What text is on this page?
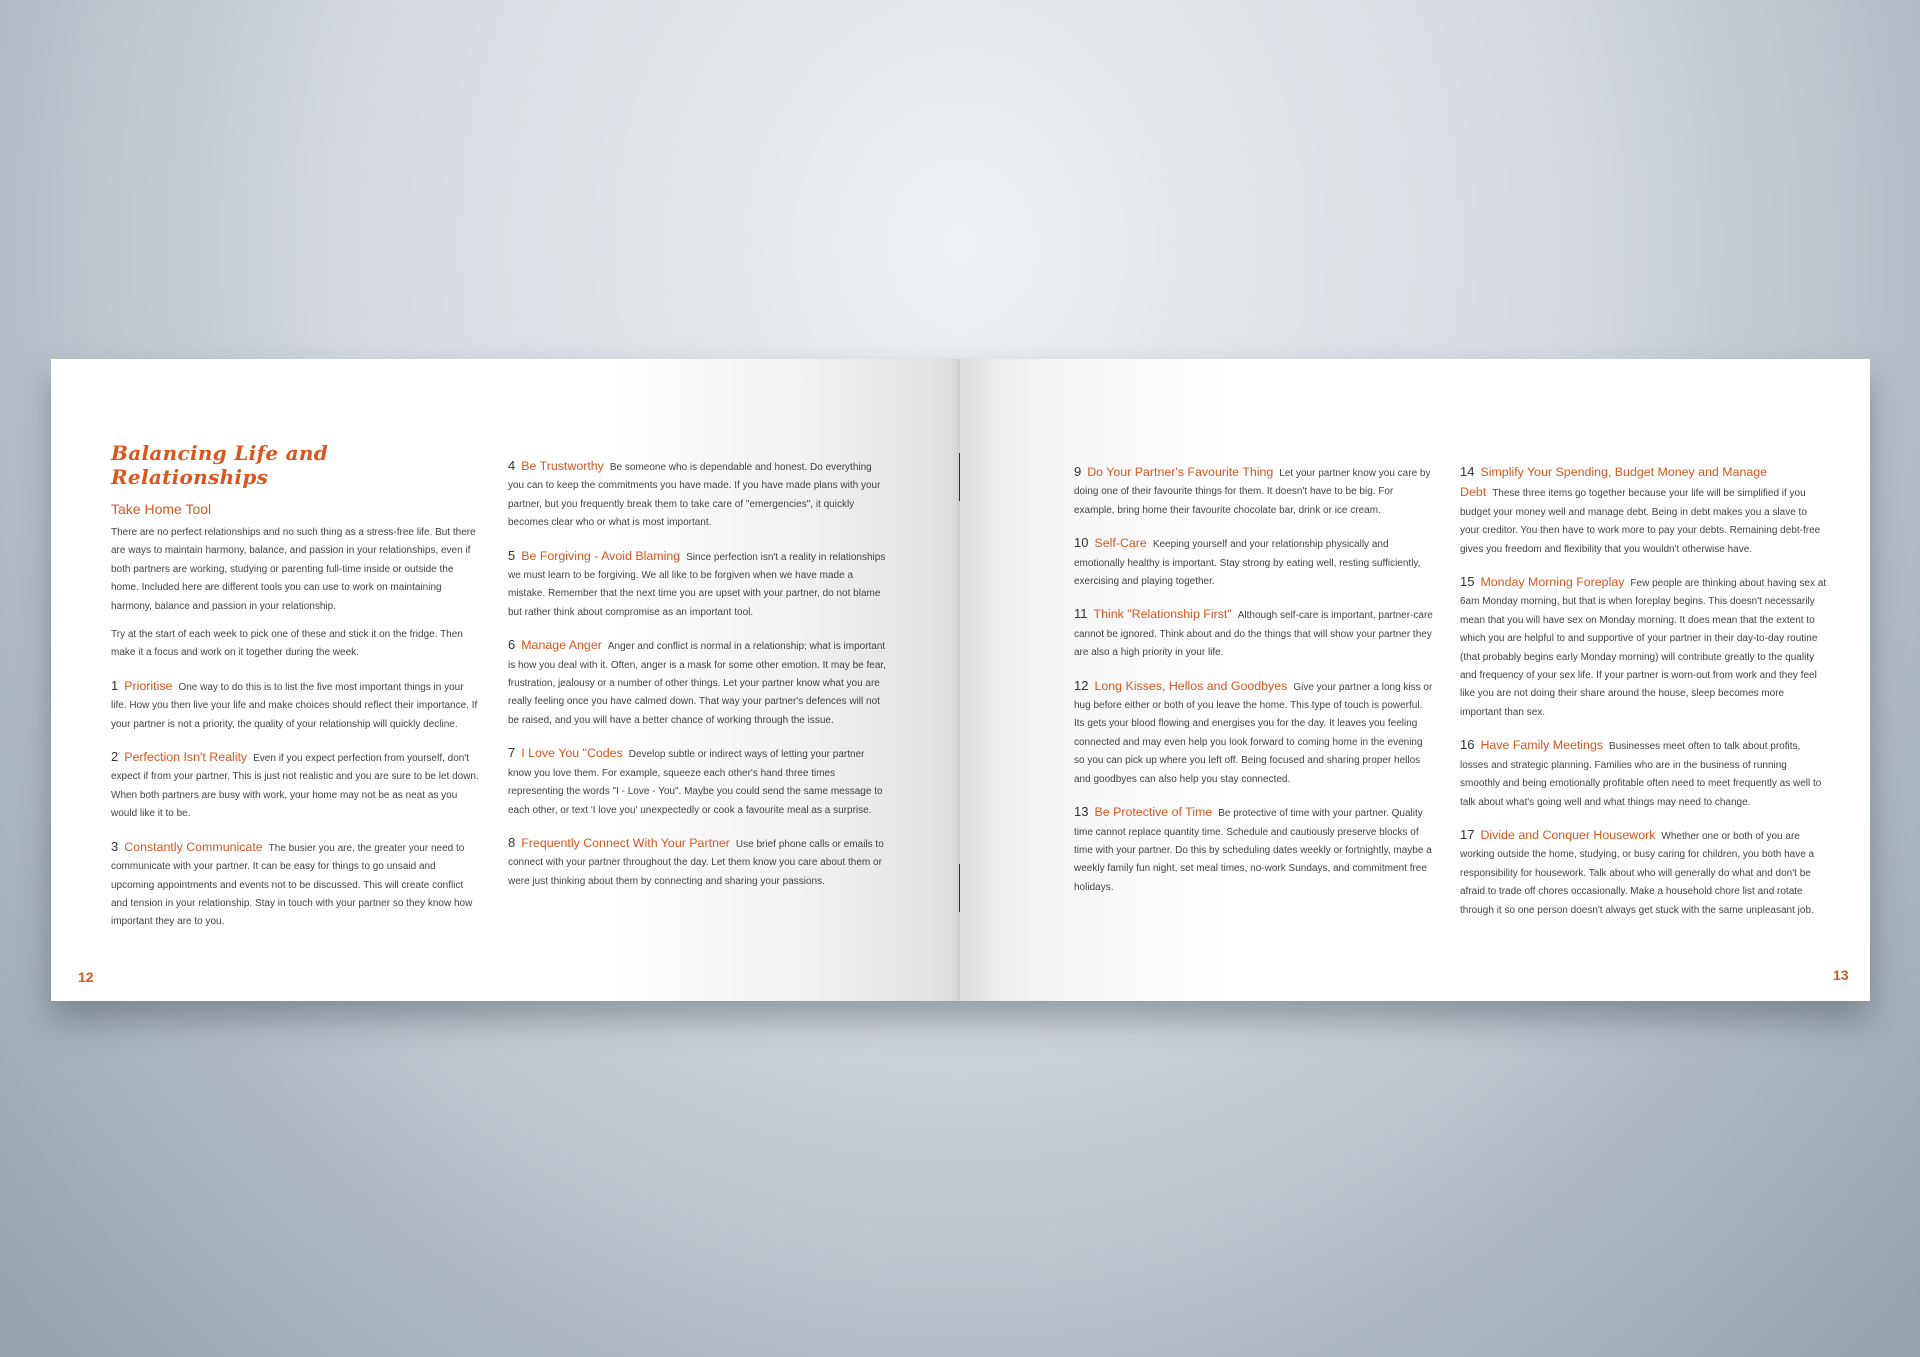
Balancing Life and Relationships
Take Home Tool

There are no perfect relationships and no such thing as a stress-free life. But there are ways to maintain harmony, balance, and passion in your relationships, even if both partners are working, studying or parenting full-time inside or outside the home. Included here are different tools you can use to work on maintaining harmony, balance and passion in your relationship.

Try at the start of each week to pick one of these and stick it on the fridge. Then make it a focus and work on it together during the week.

1 Prioritise One way to do this is to list the five most important things in your life. How you then live your life and make choices should reflect their importance. If your partner is not a priority, the quality of your relationship will quickly decline.
2 Perfection Isn't Reality Even if you expect perfection from yourself, don't expect if from your partner. This is just not realistic and you are sure to be let down. When both partners are busy with work, your home may not be as neat as you would like it to be.
3 Constantly Communicate The busier you are, the greater your need to communicate with your partner. It can be easy for things to go unsaid and upcoming appointments and events not to be discussed. This will create conflict and tension in your relationship. Stay in touch with your partner so they know how important they are to you.
4 Be Trustworthy Be someone who is dependable and honest. Do everything you can to keep the commitments you have made. If you have made plans with your partner, but you frequently break them to take care of "emergencies", it quickly becomes clear who or what is most important.
5 Be Forgiving - Avoid Blaming Since perfection isn't a reality in relationships we must learn to be forgiving. We all like to be forgiven when we have made a mistake. Remember that the next time you are upset with your partner, do not blame but rather think about compromise as an important tool.
6 Manage Anger Anger and conflict is normal in a relationship; what is important is how you deal with it. Often, anger is a mask for some other emotion. It may be fear, frustration, jealousy or a number of other things. Let your partner know what you are really feeling once you have calmed down. That way your partner's defences will not be raised, and you will have a better chance of working through the issue.
7 I Love You "Codes Develop subtle or indirect ways of letting your partner know you love them. For example, squeeze each other's hand three times representing the words "I - Love - You". Maybe you could send the same message to each other, or text 'I love you' unexpectedly or cook a favourite meal as a surprise.
8 Frequently Connect With Your Partner Use brief phone calls or emails to connect with your partner throughout the day. Let them know you care about them or were just thinking about them by connecting and sharing your passions.
12
9 Do Your Partner's Favourite Thing Let your partner know you care by doing one of their favourite things for them. It doesn't have to be big. For example, bring home their favourite chocolate bar, drink or ice cream.
10 Self-Care Keeping yourself and your relationship physically and emotionally healthy is important. Stay strong by eating well, resting sufficiently, exercising and playing together.
11 Think "Relationship First" Although self-care is important, partner-care cannot be ignored. Think about and do the things that will show your partner they are also a high priority in your life.
12 Long Kisses, Hellos and Goodbyes Give your partner a long kiss or hug before either or both of you leave the home. This type of touch is powerful. Its gets your blood flowing and energises you for the day. It leaves you feeling connected and may even help you look forward to coming home in the evening so you can pick up where you left off. Being focused and sharing proper hellos and goodbyes can also help you stay connected.
13 Be Protective of Time Be protective of time with your partner. Quality time cannot replace quantity time. Schedule and cautiously preserve blocks of time with your partner. Do this by scheduling dates weekly or fortnightly, maybe a weekly family fun night, set meal times, no-work Sundays, and commitment free holidays.
14 Simplify Your Spending, Budget Money and Manage Debt These three items go together because your life will be simplified if you budget your money well and manage debt. Being in debt makes you a slave to your creditor. You then have to work more to pay your debts. Remaining debt-free gives you freedom and flexibility that you wouldn't otherwise have.
15 Monday Morning Foreplay Few people are thinking about having sex at 6am Monday morning, but that is when foreplay begins. This doesn't necessarily mean that you will have sex on Monday morning. It does mean that the extent to which you are helpful to and supportive of your partner in their day-to-day routine (that probably begins early Monday morning) will contribute greatly to the quality and frequency of your sex life. If your partner is worn-out from work and they feel like you are not doing their share around the house, sleep becomes more important than sex.
16 Have Family Meetings Businesses meet often to talk about profits, losses and strategic planning. Families who are in the business of running smoothly and being emotionally profitable often need to meet frequently as well to talk about what's going well and what things may need to change.
17 Divide and Conquer Housework Whether one or both of you are working outside the home, studying, or busy caring for children, you both have a responsibility for housework. Talk about who will generally do what and don't be afraid to trade off chores occasionally. Make a household chore list and rotate through it so one person doesn't always get stuck with the same unpleasant job.
13
